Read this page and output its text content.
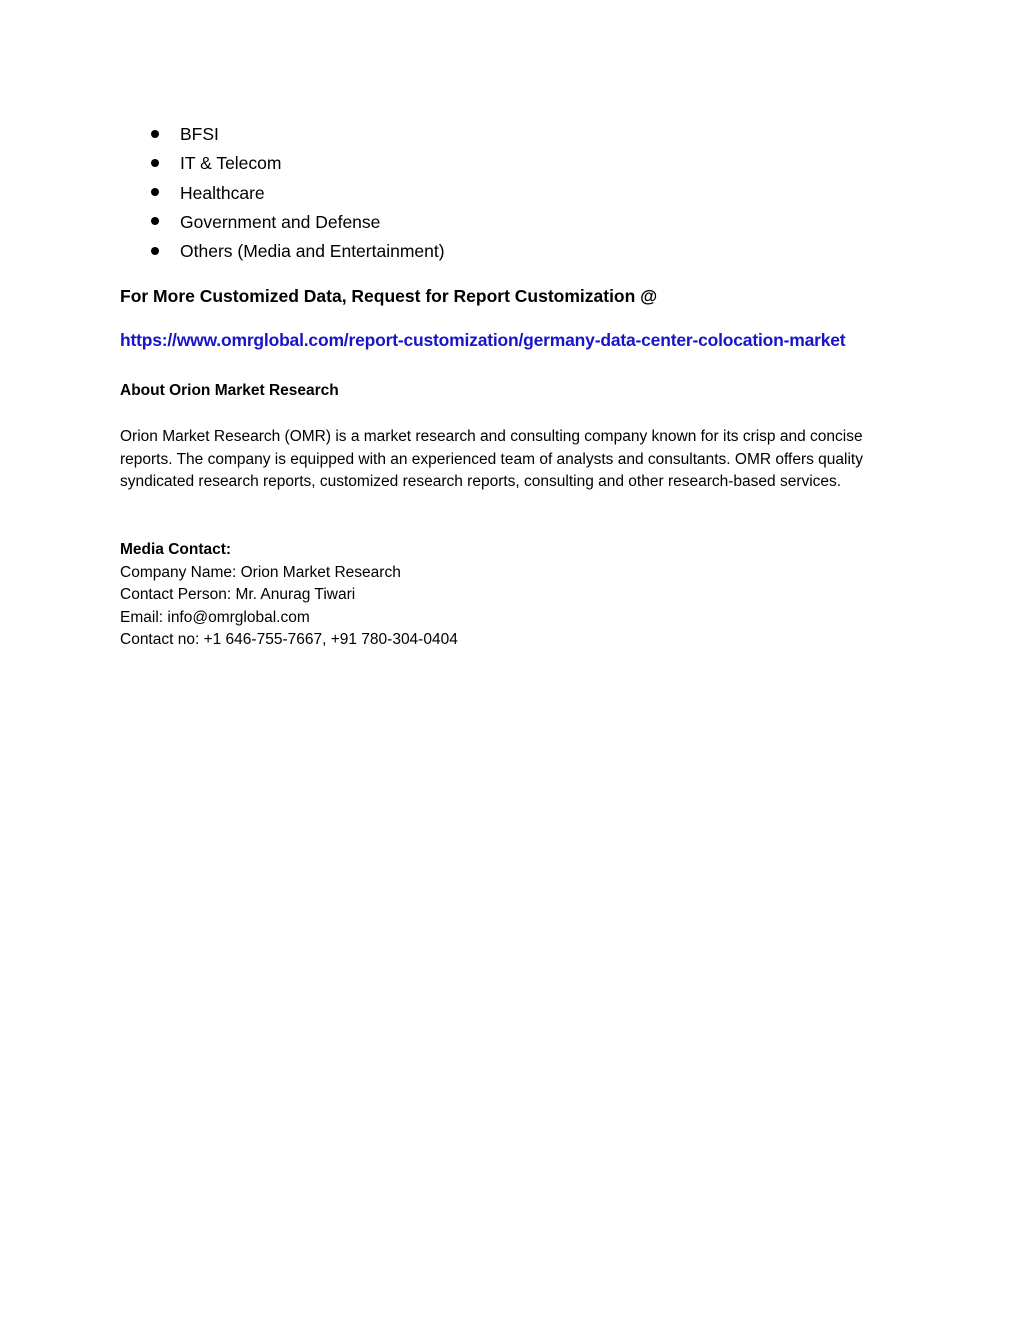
BFSI
IT & Telecom
Healthcare
Government and Defense
Others (Media and Entertainment)

For More Customized Data, Request for Report Customization @

https://www.omrglobal.com/report-customization/germany-data-center-colocation-market

About Orion Market Research

Orion Market Research (OMR) is a market research and consulting company known for its crisp and concise reports. The company is equipped with an experienced team of analysts and consultants. OMR offers quality syndicated research reports, customized research reports, consulting and other research-based services.

Media Contact:
Company Name: Orion Market Research
Contact Person: Mr. Anurag Tiwari
Email: info@omrglobal.com
Contact no: +1 646-755-7667, +91 780-304-0404
